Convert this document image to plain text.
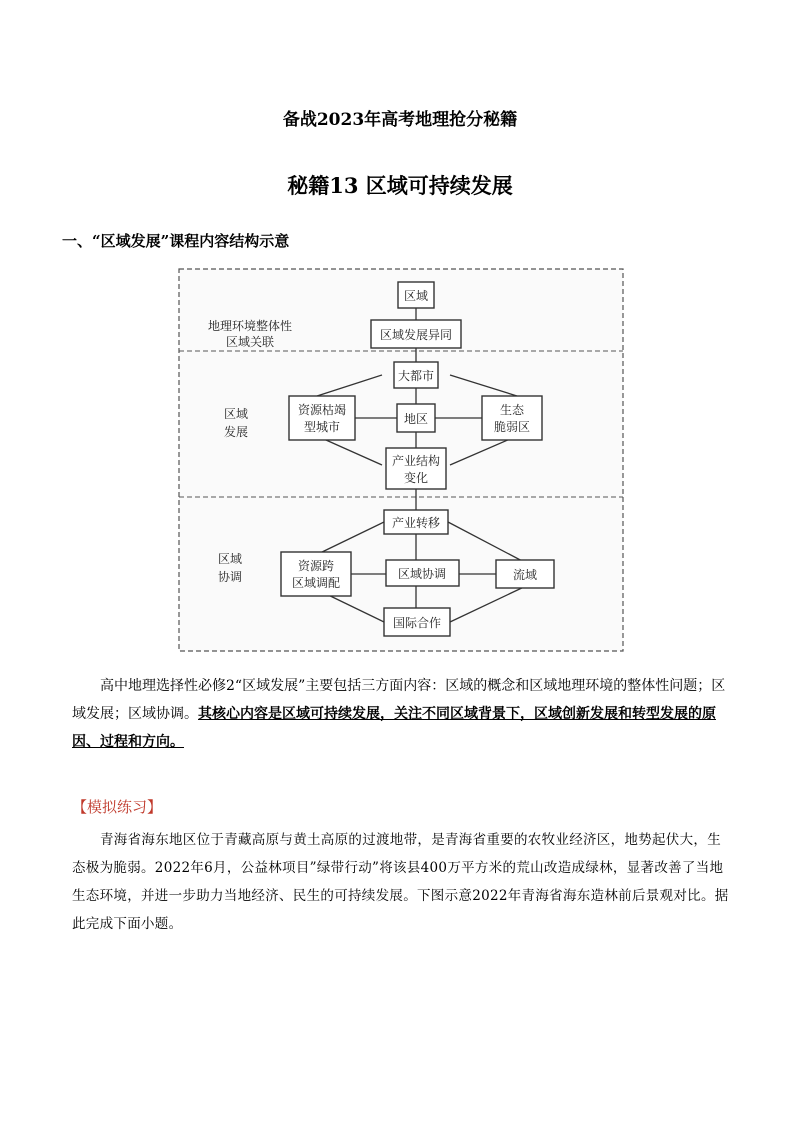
备战2023年高考地理抢分秘籍
秘籍13 区域可持续发展
一、“区域发展”课程内容结构示意
地理环境整体性
区域关联
区域
发展
区域
协调
区域
区域发展异同
大都市
资源枯竭
型城市
地区
生态
脆弱区
产业结构
变化
产业转移
资源跨
区域调配
区域协调	流域
国际合作
高中地理选择性必修2“区域发展”主要包括三方面内容：区域的概念和区域地理环境的整体性问题；区域发展；区域协调。其核心内容是区域可持续发展，关注不同区域背景下，区域创新发展和转型发展的原因、过程和方向。
【模拟练习】
青海省海东地区位于青藏高原与黄土高原的过渡地带，是青海省重要的农牧业经济区，地势起伏大，生态极为脆弱。2022年6月，公益林项目”绿带行动”将该县400万平方米的荒山改造成绿林，显著改善了当地生态环境，并进一步助力当地经济、民生的可持续发展。下图示意2022年青海省海东造林前后景观对比。据此完成下面小题。
